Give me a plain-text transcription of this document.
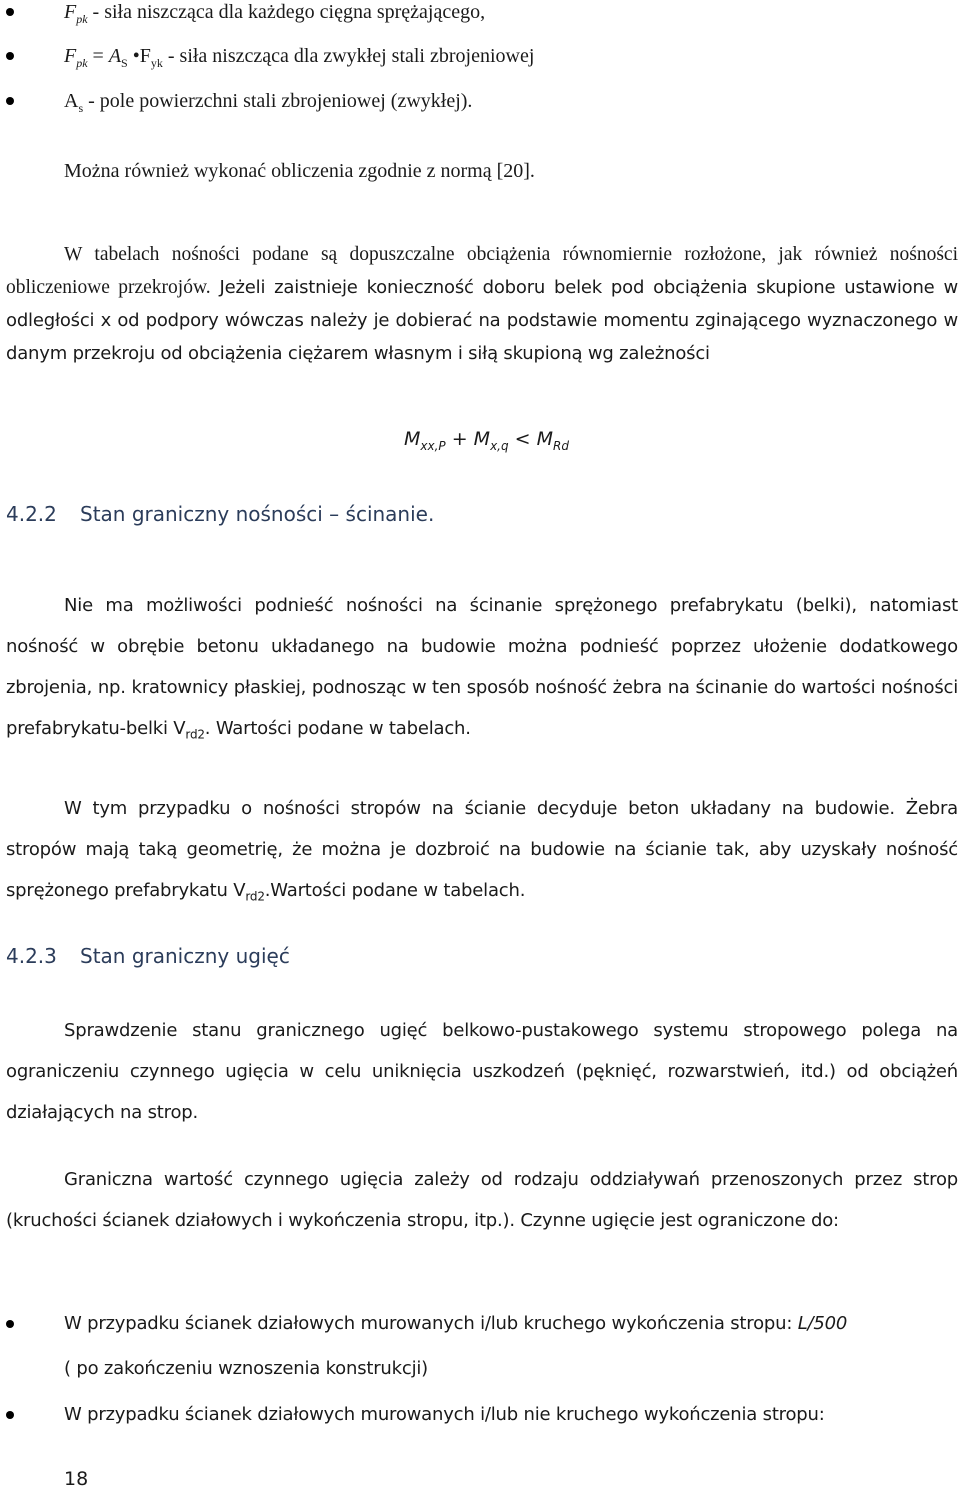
$F_{pk}$ - siła niszcząca dla każdego cięgna sprężającego,
$F_{pk} = A_S$ $•F_{yk}$ - siła niszcząca dla zwykłej stali zbrojeniowej
$A_s$ - pole powierzchni stali zbrojeniowej (zwykłej).

Można również wykonać obliczenia zgodnie z normą [20].

W tabelach nośności podane są dopuszczalne obciążenia równomiernie rozłożone, jak również nośności obliczeniowe przekrojów. Jeżeli zaistnieje konieczność doboru belek pod obciążenia skupione ustawione w odległości x od podpory wówczas należy je dobierać na podstawie momentu zginającego wyznaczonego w danym przekroju od obciążenia ciężarem własnym i siłą skupioną wg zależności

$M_{xx,P} + M_{x,q} < M_{Rd}$
4.2.2 Stan graniczny nośności – ścinanie.

Nie ma możliwości podnieść nośności na ścinanie sprężonego prefabrykatu (belki), natomiast nośność w obrębie betonu układanego na budowie można podnieść poprzez ułożenie dodatkowego zbrojenia, np. kratownicy płaskiej, podnosząc w ten sposób nośność żebra na ścinanie do wartości nośności prefabrykatu-belki $V_{rd2}$. Wartości podane w tabelach.

W tym przypadku o nośności stropów na ścianie decyduje beton układany na budowie. Żebra stropów mają taką geometrię, że można je dozbroić na budowie na ścianie tak, aby uzyskały nośność sprężonego prefabrykatu $V_{rd2}.Wartości$ podane w tabelach.

4.2.3 Stan graniczny ugięć

Sprawdzenie stanu granicznego ugięć belkowo-pustakowego systemu stropowego polega na ograniczeniu czynnego ugięcia w celu uniknięcia uszkodzeń (pęknięć, rozwarstwień, itd.) od obciążeń działających na strop.

Graniczna wartość czynnego ugięcia zależy od rodzaju oddziaływań przenoszonych przez strop (kruchości ścianek działowych i wykończenia stropu, itp.). Czynne ugięcie jest ograniczone do:

W przypadku ścianek działowych murowanych i/lub kruchego wykończenia stropu: L/500
( po zakończeniu wznoszenia konstrukcji)
W przypadku ścianek działowych murowanych i/lub nie kruchego wykończenia stropu:
18
